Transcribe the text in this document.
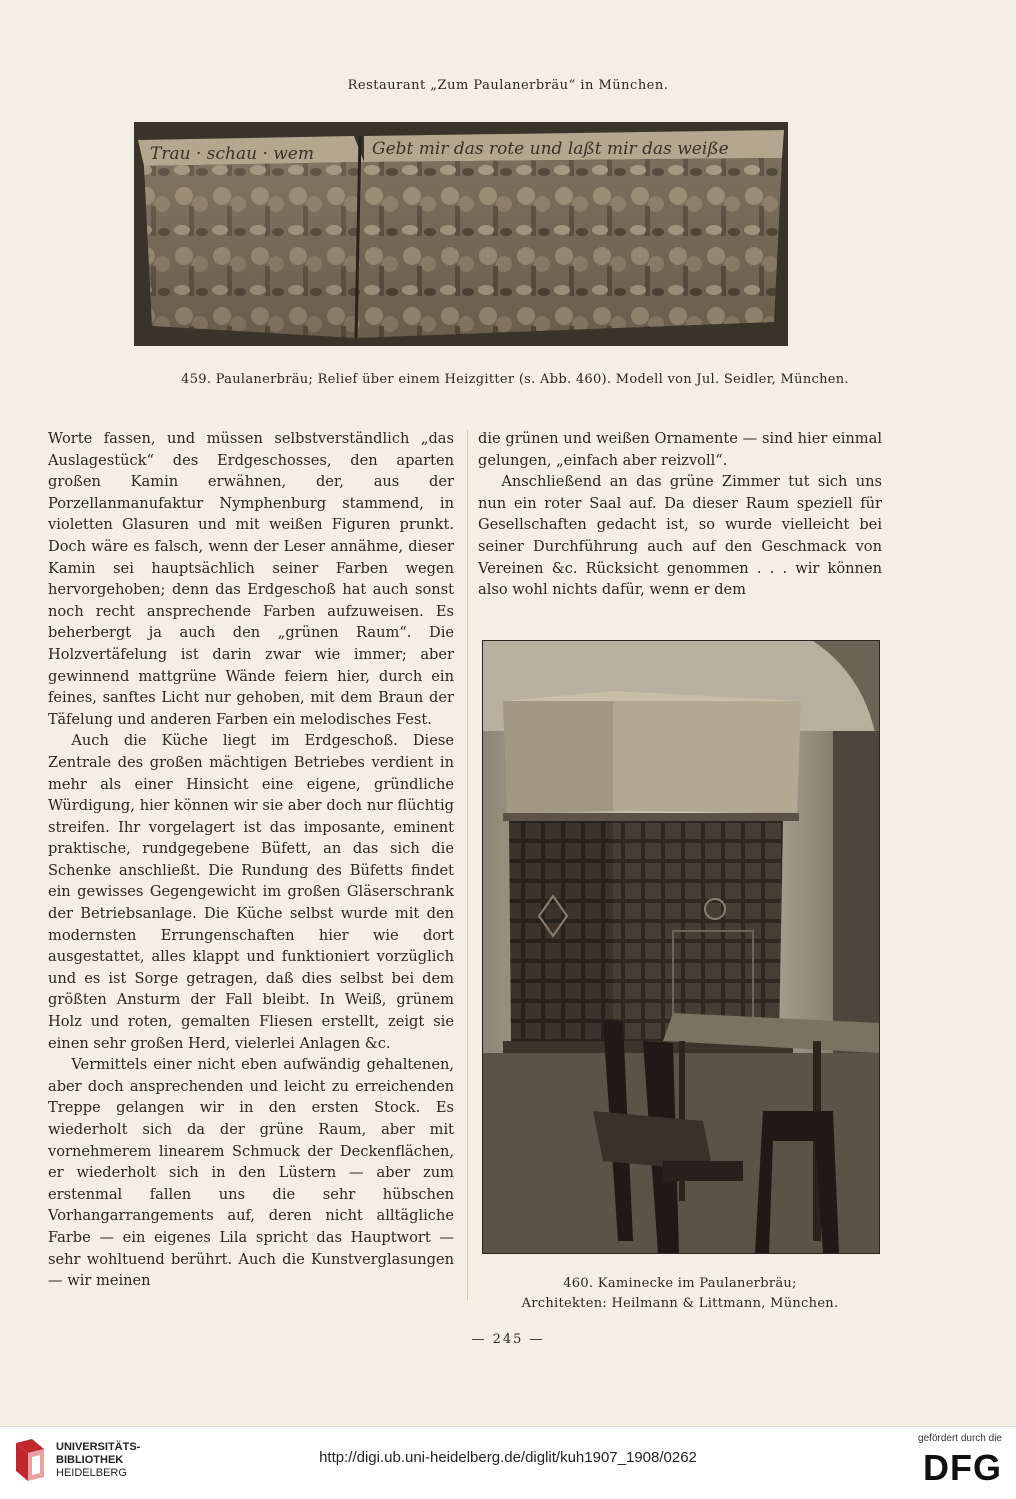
Restaurant „Zum Paulanerbräu“ in München.
Trau · schau · wem	Gebt mir das rote und laßt mir das weiße
459. Paulanerbräu; Relief über einem Heizgitter (s. Abb. 460). Modell von Jul. Seidler, München.

Worte fassen, und müssen selbstverständlich „das Auslagestück“ des Erdgeschosses, den aparten großen Kamin erwähnen, der, aus der Porzellanmanufaktur Nymphenburg stammend, in violetten Glasuren und mit weißen Figuren prunkt. Doch wäre es falsch, wenn der Leser annähme, dieser Kamin sei hauptsächlich seiner Farben wegen hervorgehoben; denn das Erdgeschoß hat auch sonst noch recht ansprechende Farben aufzuweisen. Es beherbergt ja auch den „grünen Raum“. Die Holzvertäfelung ist darin zwar wie immer; aber gewinnend mattgrüne Wände feiern hier, durch ein feines, sanftes Licht nur gehoben, mit dem Braun der Täfelung und anderen Farben ein melodisches Fest.

Auch die Küche liegt im Erdgeschoß. Diese Zentrale des großen mächtigen Betriebes verdient in mehr als einer Hinsicht eine eigene, gründliche Würdigung, hier können wir sie aber doch nur flüchtig streifen. Ihr vorgelagert ist das imposante, eminent praktische, rundgegebene Büfett, an das sich die Schenke anschließt. Die Rundung des Büfetts findet ein gewisses Gegengewicht im großen Gläserschrank der Betriebsanlage. Die Küche selbst wurde mit den modernsten Errungenschaften hier wie dort ausgestattet, alles klappt und funktioniert vorzüglich und es ist Sorge getragen, daß dies selbst bei dem größten Ansturm der Fall bleibt. In Weiß, grünem Holz und roten, gemalten Fliesen erstellt, zeigt sie einen sehr großen Herd, vielerlei Anlagen &c.

Vermittels einer nicht eben aufwändig gehaltenen, aber doch ansprechenden und leicht zu erreichenden Treppe gelangen wir in den ersten Stock. Es wiederholt sich da der grüne Raum, aber mit vornehmerem linearem Schmuck der Deckenflächen, er wiederholt sich in den Lüstern — aber zum erstenmal fallen uns die sehr hübschen Vorhangarrangements auf, deren nicht alltägliche Farbe — ein eigenes Lila spricht das Hauptwort — sehr wohltuend berührt. Auch die Kunstverglasungen — wir meinen

die grünen und weißen Ornamente — sind hier einmal gelungen, „einfach aber reizvoll“.

Anschließend an das grüne Zimmer tut sich uns nun ein roter Saal auf. Da dieser Raum speziell für Gesellschaften gedacht ist, so wurde vielleicht bei seiner Durchführung auch auf den Geschmack von Vereinen &c. Rücksicht genommen . . . wir können also wohl nichts dafür, wenn er dem

460. Kaminecke im Paulanerbräu;
Architekten: Heilmann & Littmann, München.
— 245 —
UNIVERSITÄTS-
BIBLIOTHEK
HEIDELBERG
http://digi.ub.uni-heidelberg.de/diglit/kuh1907_1908/0262
gefördert durch die
DFG
